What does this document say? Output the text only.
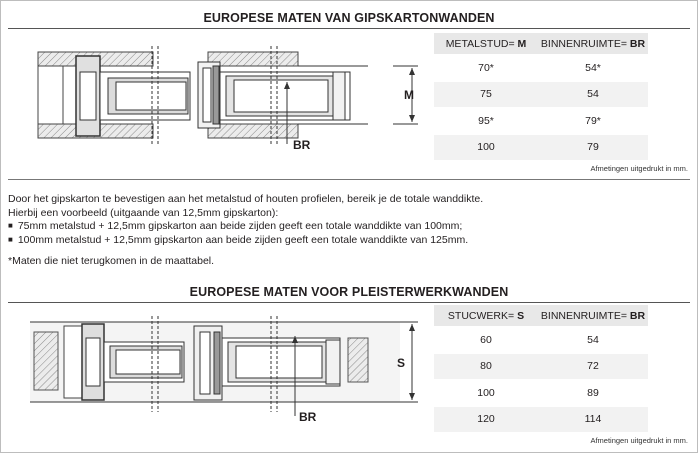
EUROPESE MATEN VAN GIPSKARTONWANDEN
M
BR
METALSTUD= M	BINNENRUIMTE= BR
70*	54*
75	54
95*	79*
100	79
Afmetingen uitgedrukt in mm.

Door het gipskarton te bevestigen aan het metalstud of houten profielen, bereik je de totale wanddikte.

Hierbij een voorbeeld (uitgaande van 12,5mm gipskarton):

■ 75mm metalstud + 12,5mm gipskarton aan beide zijden geeft een totale wanddikte van 100mm;

■ 100mm metalstud + 12,5mm gipskarton aan beide zijden geeft een totale wanddikte van 125mm.

*Maten die niet terugkomen in de maattabel.

EUROPESE MATEN VOOR PLEISTERWERKWANDEN
S
BR
STUCWERK= S	BINNENRUIMTE= BR
60	54
80	72
100	89
120	114
Afmetingen uitgedrukt in mm.
